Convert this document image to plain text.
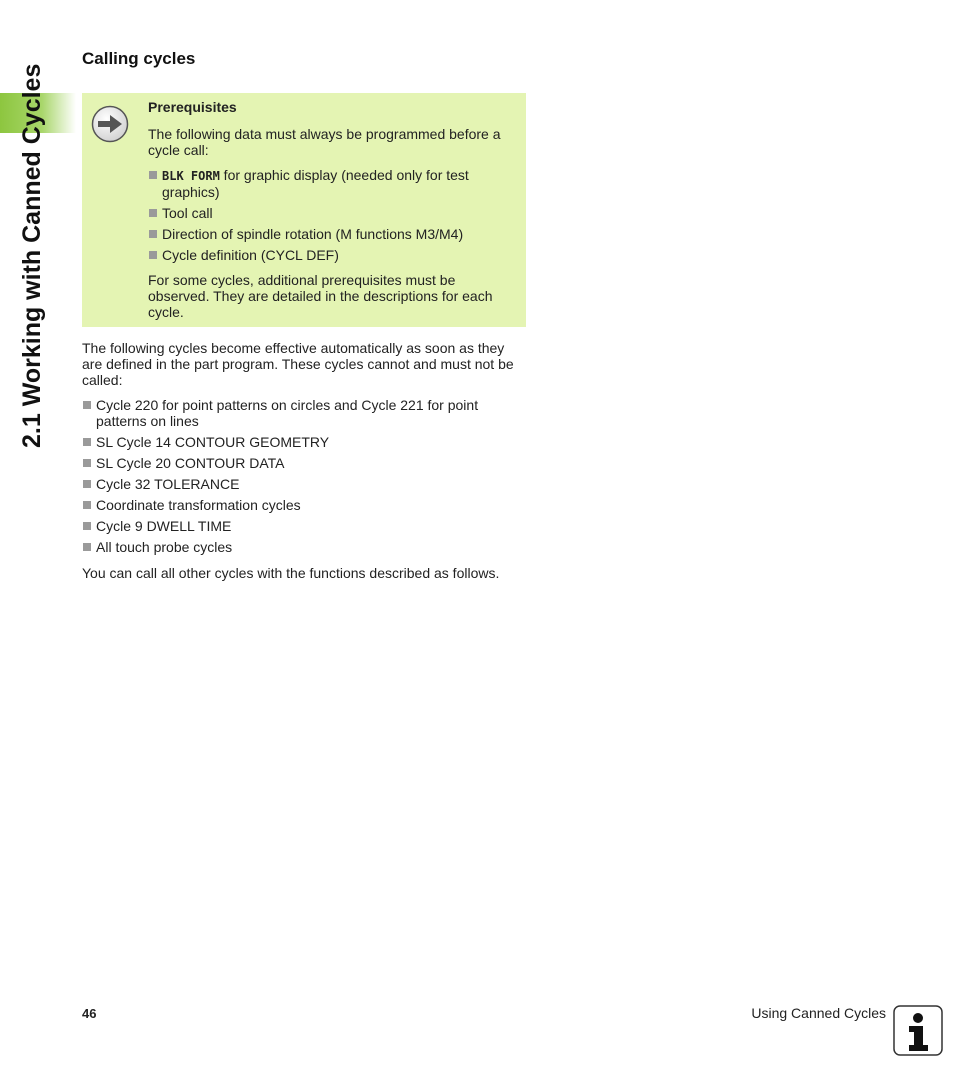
2.1 Working with Canned Cycles
Calling cycles
Prerequisites

The following data must always be programmed before a cycle call:

BLK FORM for graphic display (needed only for test graphics)
Tool call
Direction of spindle rotation (M functions M3/M4)
Cycle definition (CYCL DEF)

For some cycles, additional prerequisites must be observed. They are detailed in the descriptions for each cycle.

The following cycles become effective automatically as soon as they are defined in the part program. These cycles cannot and must not be called:

Cycle 220 for point patterns on circles and Cycle 221 for point patterns on lines
SL Cycle 14 CONTOUR GEOMETRY
SL Cycle 20 CONTOUR DATA
Cycle 32 TOLERANCE
Coordinate transformation cycles
Cycle 9 DWELL TIME
All touch probe cycles

You can call all other cycles with the functions described as follows.

46	Using Canned Cycles
